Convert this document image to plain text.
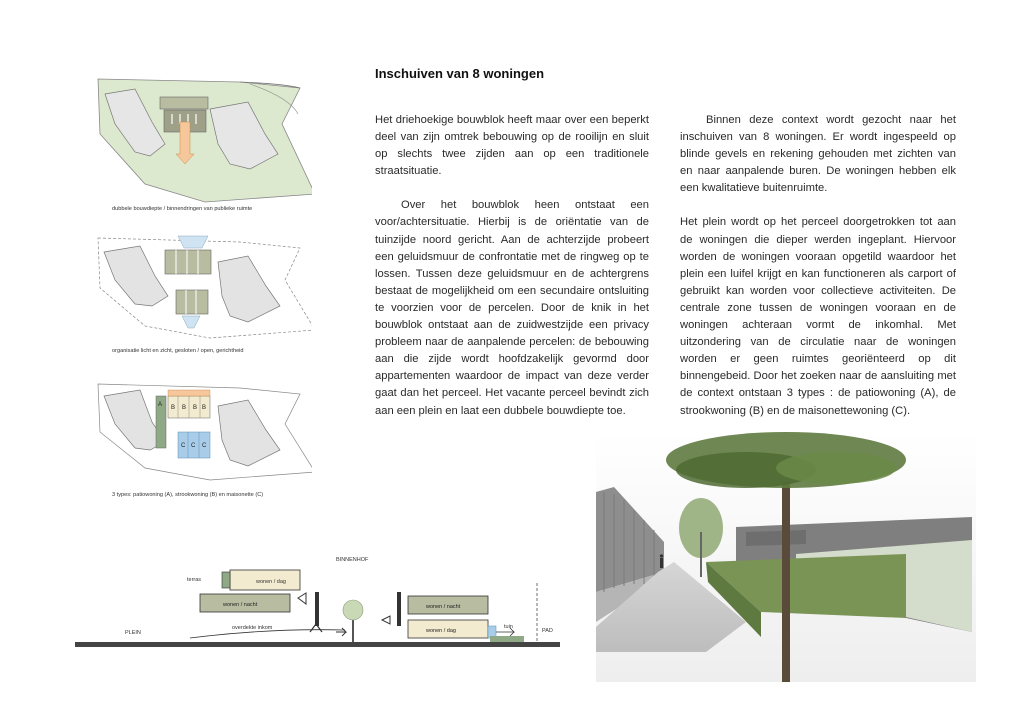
Inschuiven van 8 woningen

Het driehoekige bouwblok heeft maar over een beperkt deel van zijn omtrek bebouwing op de rooilijn en sluit op slechts twee zijden aan op een traditionele straatsituatie.

Over het bouwblok heen ontstaat een voor/achtersituatie. Hierbij is de oriëntatie van de tuinzijde noord gericht. Aan de achterzijde probeert een geluidsmuur de confrontatie met de ringweg op te lossen. Tussen deze geluidsmuur en de achtergrens bestaat de mogelijkheid om een secundaire ontsluiting te voorzien voor de percelen. Door de knik in het bouwblok ontstaat aan de zuidwestzijde een privacy probleem naar de aanpalende percelen: de bebouwing aan die zijde wordt hoofdzakelijk gevormd door appartementen waardoor de impact van deze verder gaat dan het perceel. Het vacante perceel bevindt zich aan een plein en laat een dubbele bouwdiepte toe.

Binnen deze context wordt gezocht naar het inschuiven van 8 woningen. Er wordt ingespeeld op blinde gevels en rekening gehouden met zichten van en naar aanpalende buren. De woningen hebben elk een kwalitatieve buitenruimte.

Het plein wordt op het perceel doorgetrokken tot aan de woningen die dieper werden ingeplant. Hiervoor worden de woningen vooraan opgetild waardoor het plein een luifel krijgt en kan functioneren als carport of gebruikt kan worden voor collectieve activiteiten. De centrale zone tussen de woningen vooraan en de woningen achteraan vormt de inkomhal. Met uitzondering van de circulatie naar de woningen worden er geen ruimtes georiënteerd op dit binnengebeid. Door het zoeken naar de aansluiting met de context ontstaan 3 types : de patiowoning (A), de strookwoning (B) en de maisonettewoning (C).

dubbele bouwdiepte / binnendringen van publieke ruimte
organisatie licht en zicht, gesloten / open, gerichtheid
A B B B B
C C C
3 types: patiowoning (A), strookwoning (B) en maisonette (C)
BINNENHOF
wonen / dag
terras
wonen / nacht
overdekte inkom
PLEIN
wonen / nacht
wonen / dag
tuin
PAD
